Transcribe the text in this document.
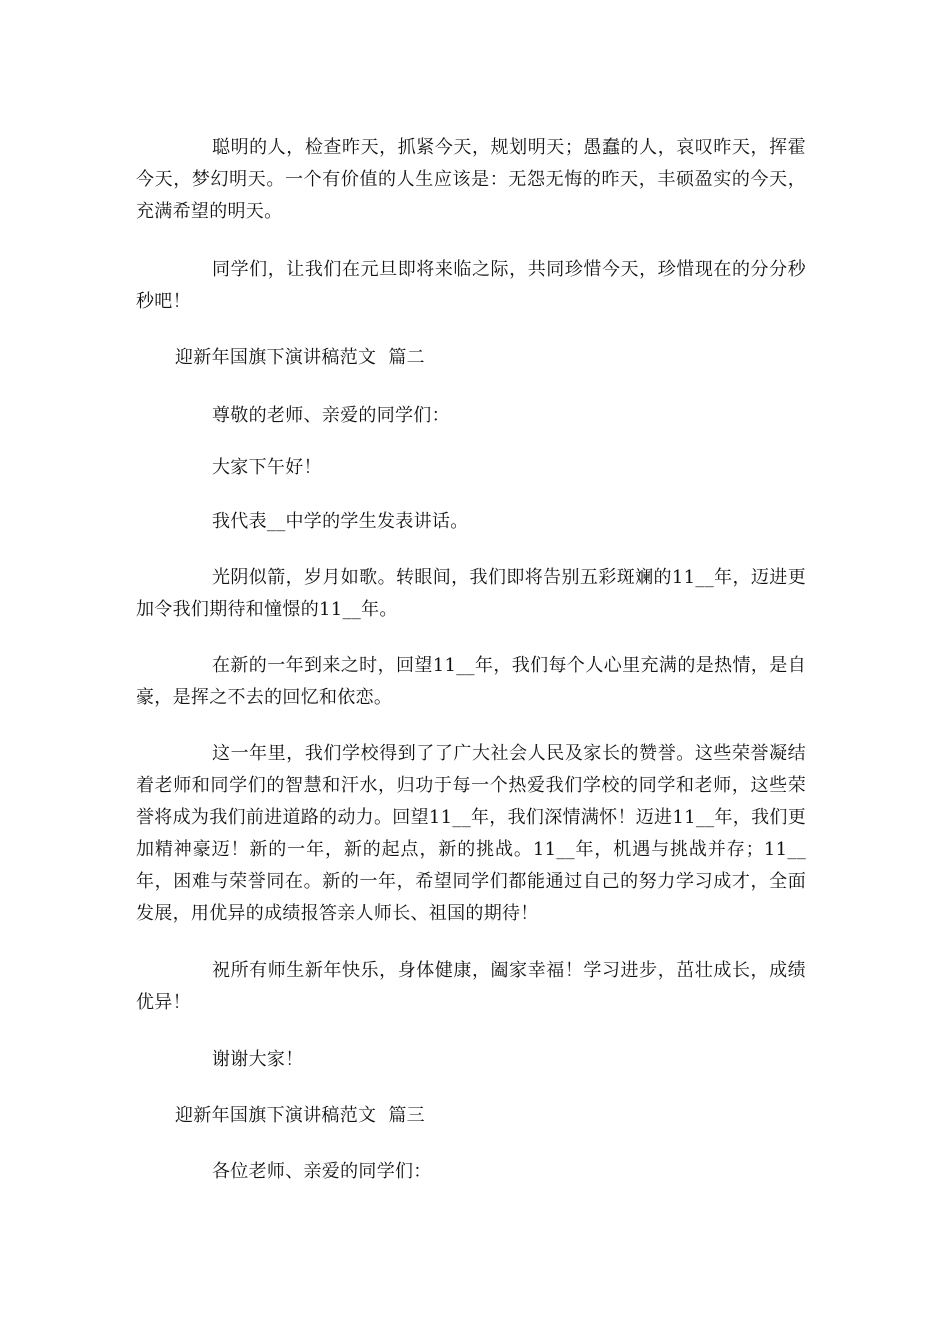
聪明的人，检查昨天，抓紧今天，规划明天；愚蠢的人，哀叹昨天，挥霍今天，梦幻明天。一个有价值的人生应该是：无怨无悔的昨天，丰硕盈实的今天，充满希望的明天。

同学们，让我们在元旦即将来临之际，共同珍惜今天，珍惜现在的分分秒秒吧！

迎新年国旗下演讲稿范文 篇二

尊敬的老师、亲爱的同学们：

大家下午好！

我代表__中学的学生发表讲话。

光阴似箭，岁月如歌。转眼间，我们即将告别五彩斑斓的11__年，迈进更加令我们期待和憧憬的11__年。

在新的一年到来之时，回望11__年，我们每个人心里充满的是热情，是自豪，是挥之不去的回忆和依恋。

这一年里，我们学校得到了了广大社会人民及家长的赞誉。这些荣誉凝结着老师和同学们的智慧和汗水，归功于每一个热爱我们学校的同学和老师，这些荣誉将成为我们前进道路的动力。回望11__年，我们深情满怀！迈进11__年，我们更加精神豪迈！新的一年，新的起点，新的挑战。11__年，机遇与挑战并存；11__年，困难与荣誉同在。新的一年，希望同学们都能通过自己的努力学习成才，全面发展，用优异的成绩报答亲人师长、祖国的期待！

祝所有师生新年快乐，身体健康，阖家幸福！学习进步，茁壮成长，成绩优异！

谢谢大家！

迎新年国旗下演讲稿范文 篇三

各位老师、亲爱的同学们：
